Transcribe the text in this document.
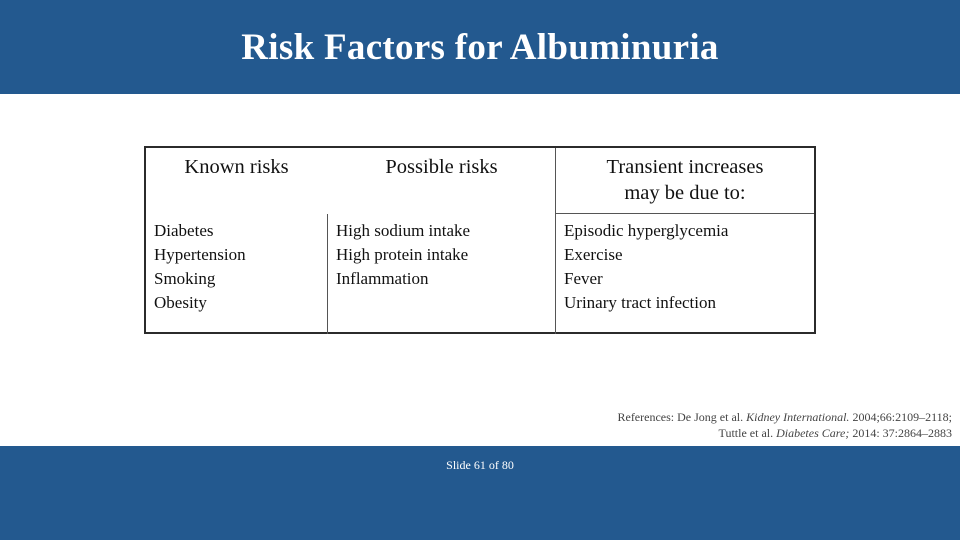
Risk Factors for Albuminuria
Known risks	Possible risks	Transient increases
may be due to:
Diabetes
Hypertension
Smoking
Obesity
High sodium intake
High protein intake
Inflammation
Episodic hyperglycemia
Exercise
Fever
Urinary tract infection
References: De Jong et al. Kidney International. 2004;66:2109–2118;
Tuttle et al. Diabetes Care; 2014: 37:2864–2883
Slide 61 of 80
